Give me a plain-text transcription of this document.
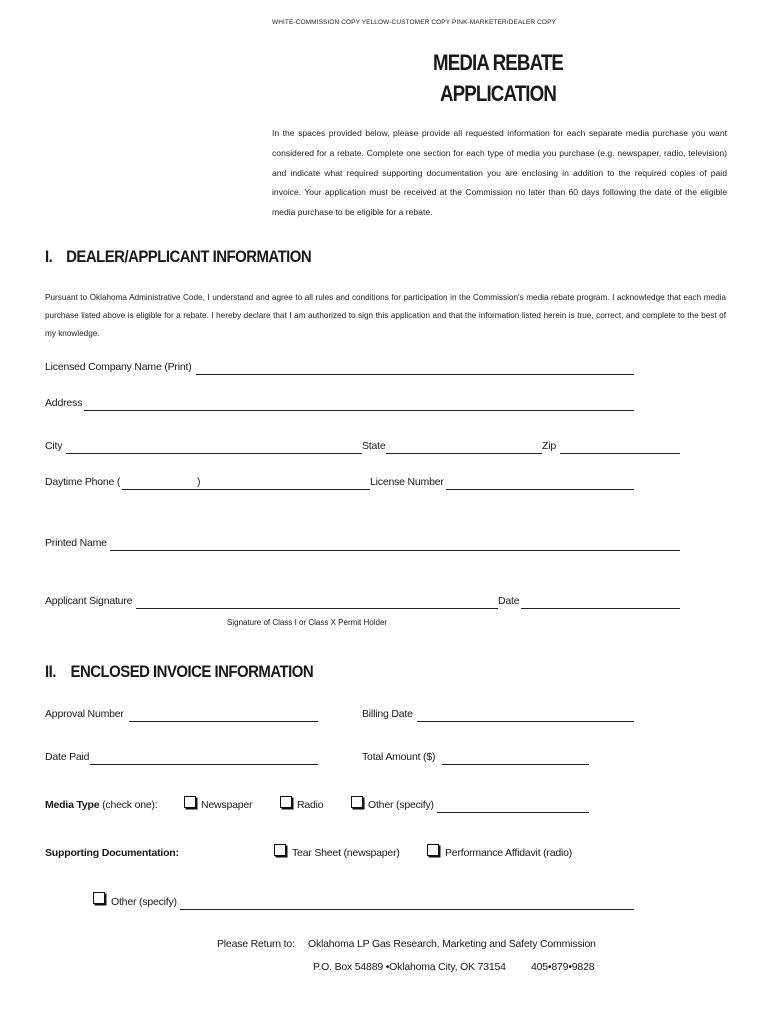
WHITE-COMMISSION COPY YELLOW-CUSTOMER COPY PINK-MARKETER/DEALER COPY
MEDIA REBATE
APPLICATION
In the spaces provided below, please provide all requested information for each separate media purchase you want considered for a rebate. Complete one section for each type of media you purchase (e.g. newspaper, radio, television) and indicate what required supporting documentation you are enclosing in addition to the required copies of paid invoice. Your application must be received at the Commission no later than 60 days following the date of the eligible media purchase to be eligible for a rebate.
I. DEALER/APPLICANT INFORMATION
Pursuant to Oklahoma Administrative Code, I understand and agree to all rules and conditions for participation in the Commission's media rebate program. I acknowledge that each media purchase listed above is eligible for a rebate. I hereby declare that I am authorized to sign this application and that the information listed herein is true, correct, and complete to the best of my knowledge.
Licensed Company Name (Print)
Address
City	State	Zip
Daytime Phone (	)	License Number
Printed Name
Applicant Signature	Date
Signature of Class I or Class X Permit Holder
II. ENCLOSED INVOICE INFORMATION
Approval Number	Billing Date
Date Paid	Total Amount ($)
Media Type (check one):	Newspaper	Radio	Other (specify)
Supporting Documentation:	Tear Sheet (newspaper)	Performance Affidavit (radio)
Other (specify)
Please Return to: Oklahoma LP Gas Research, Marketing and Safety Commission
P.O. Box 54889 •Oklahoma City, OK 73154 405•879•9828
